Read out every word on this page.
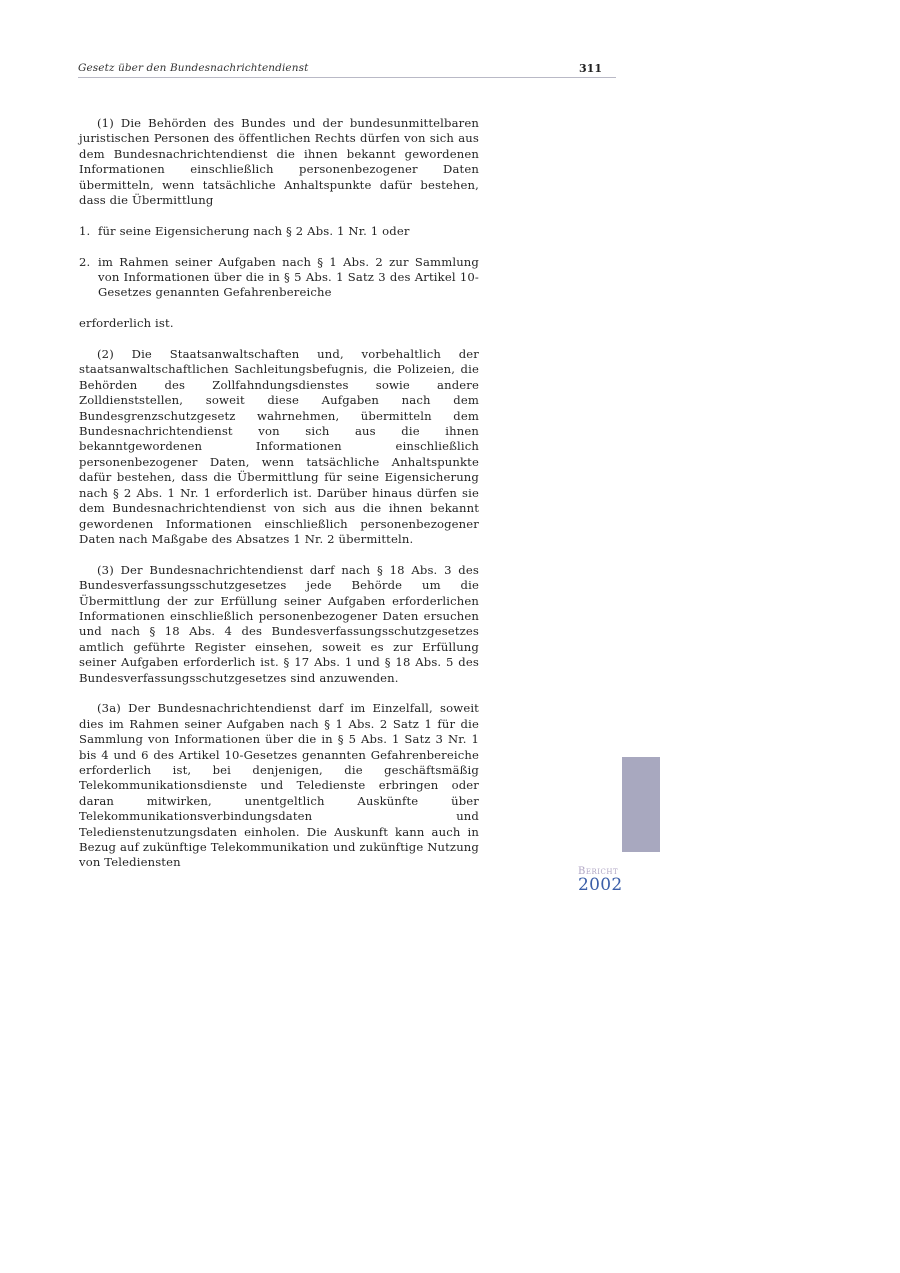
Gesetz über den Bundesnachrichtendienst	311

(1) Die Behörden des Bundes und der bundesunmittelbaren juristischen Personen des öffentlichen Rechts dürfen von sich aus dem Bundesnachrichtendienst die ihnen bekannt gewordenen Informationen einschließlich personenbezogener Daten übermitteln, wenn tatsächliche Anhaltspunkte dafür bestehen, dass die Übermittlung

1. für seine Eigensicherung nach § 2 Abs. 1 Nr. 1 oder
2. im Rahmen seiner Aufgaben nach § 1 Abs. 2 zur Sammlung von Informationen über die in § 5 Abs. 1 Satz 3 des Artikel 10-Gesetzes genannten Gefahrenbereiche

erforderlich ist.

(2) Die Staatsanwaltschaften und, vorbehaltlich der staatsanwaltschaftlichen Sachleitungsbefugnis, die Polizeien, die Behörden des Zollfahndungsdienstes sowie andere Zolldienststellen, soweit diese Aufgaben nach dem Bundesgrenzschutzgesetz wahrnehmen, übermitteln dem Bundesnachrichtendienst von sich aus die ihnen bekanntgewordenen Informationen einschließlich personenbezogener Daten, wenn tatsächliche Anhaltspunkte dafür bestehen, dass die Übermittlung für seine Eigensicherung nach § 2 Abs. 1 Nr. 1 erforderlich ist. Darüber hinaus dürfen sie dem Bundesnachrichtendienst von sich aus die ihnen bekannt gewordenen Informationen einschließlich personenbezogener Daten nach Maßgabe des Absatzes 1 Nr. 2 übermitteln.

(3) Der Bundesnachrichtendienst darf nach § 18 Abs. 3 des Bundesverfassungsschutzgesetzes jede Behörde um die Übermittlung der zur Erfüllung seiner Aufgaben erforderlichen Informationen einschließlich personenbezogener Daten ersuchen und nach § 18 Abs. 4 des Bundesverfassungsschutzgesetzes amtlich geführte Register einsehen, soweit es zur Erfüllung seiner Aufgaben erforderlich ist. § 17 Abs. 1 und § 18 Abs. 5 des Bundesverfassungsschutzgesetzes sind anzuwenden.

(3a) Der Bundesnachrichtendienst darf im Einzelfall, soweit dies im Rahmen seiner Aufgaben nach § 1 Abs. 2 Satz 1 für die Sammlung von Informationen über die in § 5 Abs. 1 Satz 3 Nr. 1 bis 4 und 6 des Artikel 10-Gesetzes genannten Gefahrenbereiche erforderlich ist, bei denjenigen, die geschäftsmäßig Telekommunikationsdienste und Teledienste erbringen oder daran mitwirken, unentgeltlich Auskünfte über Telekommunikationsverbindungsdaten und Teledienstenutzungsdaten einholen. Die Auskunft kann auch in Bezug auf zukünftige Telekommunikation und zukünftige Nutzung von Telediensten

Bericht
2002
